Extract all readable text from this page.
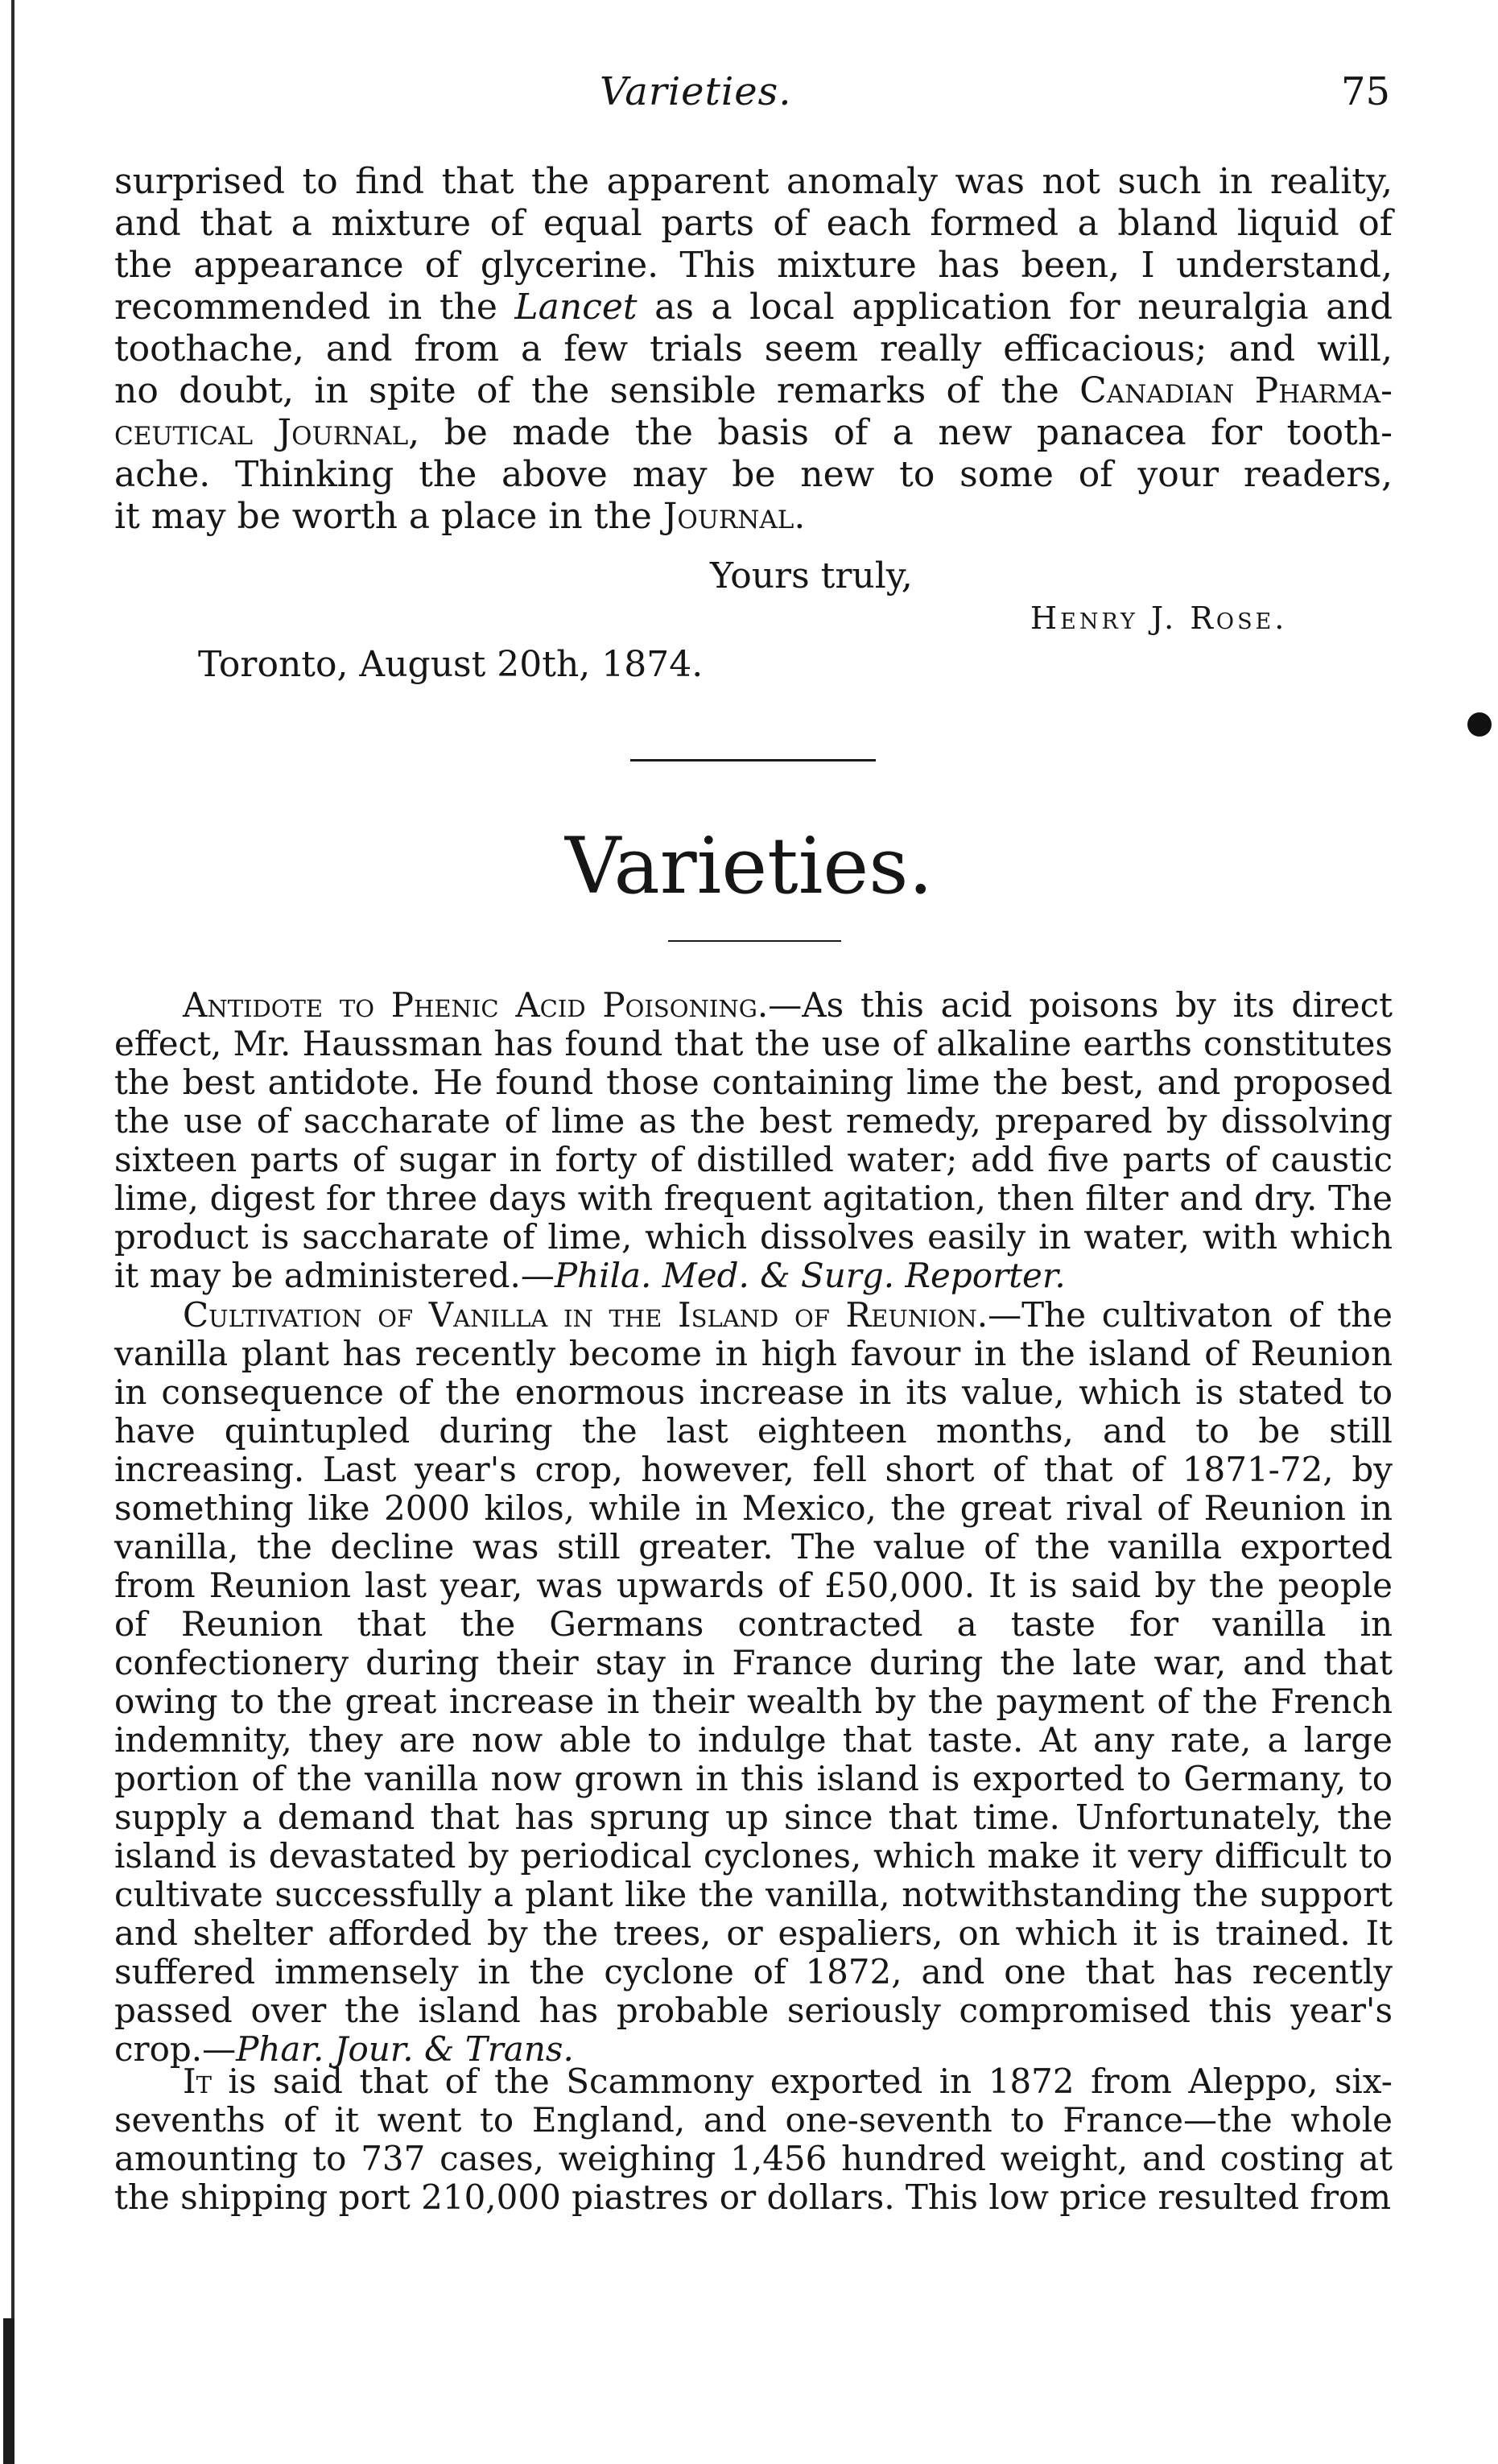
Varieties.	75

surprised to find that the apparent anomaly was not such in reality,

and that a mixture of equal parts of each formed a bland liquid of

the appearance of glycerine. This mixture has been, I understand,

recommended in the Lancet as a local application for neuralgia and

toothache, and from a few trials seem really efficacious; and will,

no doubt, in spite of the sensible remarks of the Canadian Pharma-

ceutical Journal, be made the basis of a new panacea for tooth-

ache. Thinking the above may be new to some of your readers,

it may be worth a place in the Journal.

Yours truly,
Henry J. Rose.
Toronto, August 20th, 1874.
Varieties.

Antidote to Phenic Acid Poisoning.—As this acid poisons by its direct effect, Mr. Haussman has found that the use of alkaline earths constitutes the best antidote. He found those containing lime the best, and proposed the use of saccharate of lime as the best remedy, prepared by dissolving sixteen parts of sugar in forty of distilled water; add five parts of caustic lime, digest for three days with frequent agitation, then filter and dry. The product is saccharate of lime, which dissolves easily in water, with which it may be administered.—Phila. Med. & Surg. Reporter.

Cultivation of Vanilla in the Island of Reunion.—The cultivaton of the vanilla plant has recently become in high favour in the island of Reunion in consequence of the enormous increase in its value, which is stated to have quintupled during the last eighteen months, and to be still increasing. Last year's crop, however, fell short of that of 1871-72, by something like 2000 kilos, while in Mexico, the great rival of Reunion in vanilla, the decline was still greater. The value of the vanilla exported from Reunion last year, was upwards of £50,000. It is said by the people of Reunion that the Germans contracted a taste for vanilla in confectionery during their stay in France during the late war, and that owing to the great increase in their wealth by the payment of the French indemnity, they are now able to indulge that taste. At any rate, a large portion of the vanilla now grown in this island is exported to Germany, to supply a demand that has sprung up since that time. Unfortunately, the island is devastated by periodical cyclones, which make it very difficult to cultivate successfully a plant like the vanilla, notwithstanding the support and shelter afforded by the trees, or espaliers, on which it is trained. It suffered immensely in the cyclone of 1872, and one that has recently passed over the island has probable seriously compromised this year's crop.—Phar. Jour. & Trans.

It is said that of the Scammony exported in 1872 from Aleppo, six-sevenths of it went to England, and one-seventh to France—the whole amounting to 737 cases, weighing 1,456 hundred weight, and costing at the shipping port 210,000 piastres or dollars. This low price resulted from
